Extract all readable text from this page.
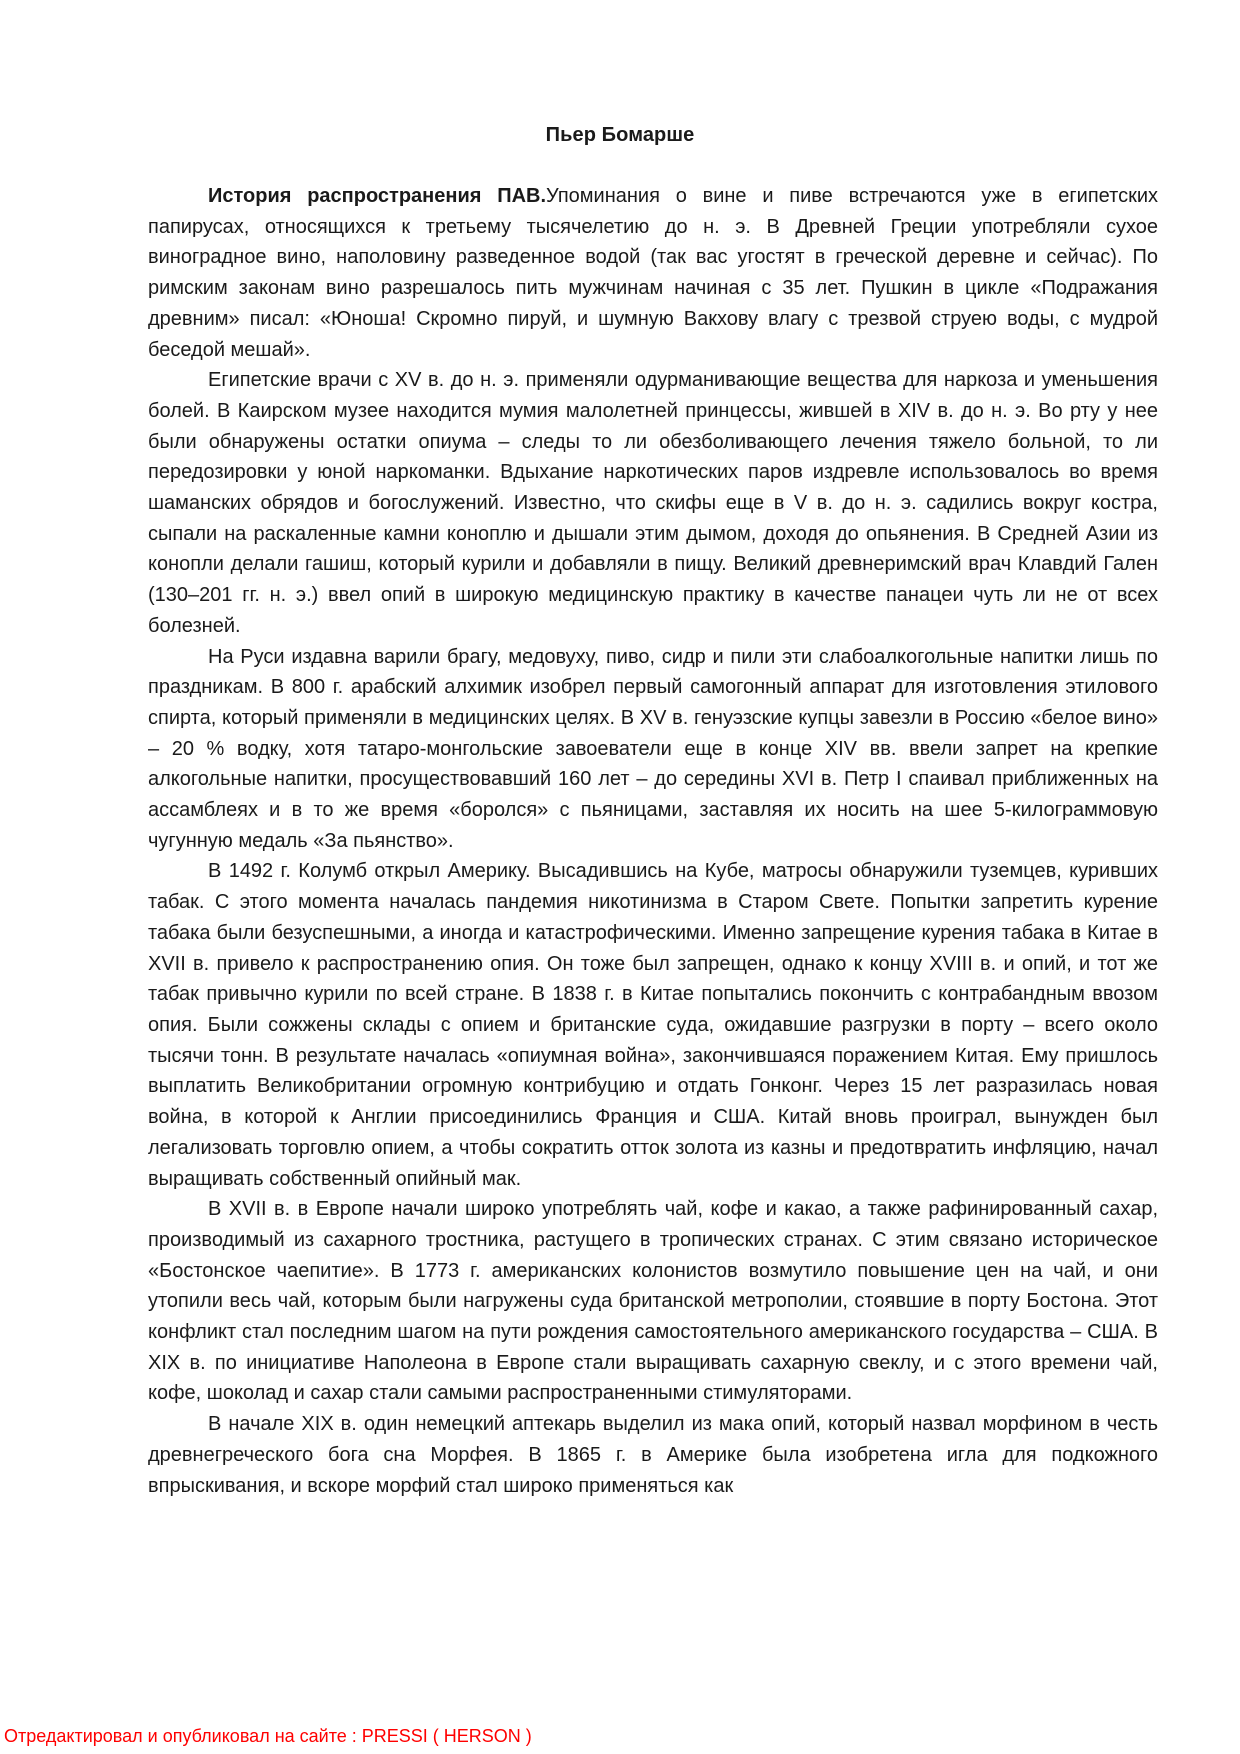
Пьер Бомарше

История распространения ПАВ.Упоминания о вине и пиве встречаются уже в египетских папирусах, относящихся к третьему тысячелетию до н. э. В Древней Греции употребляли сухое виноградное вино, наполовину разведенное водой (так вас угостят в греческой деревне и сейчас). По римским законам вино разрешалось пить мужчинам начиная с 35 лет. Пушкин в цикле «Подражания древним» писал: «Юноша! Скромно пируй, и шумную Вакхову влагу с трезвой струею воды, с мудрой беседой мешай».

Египетские врачи с XV в. до н. э. применяли одурманивающие вещества для наркоза и уменьшения болей. В Каирском музее находится мумия малолетней принцессы, жившей в XIV в. до н. э. Во рту у нее были обнаружены остатки опиума – следы то ли обезболивающего лечения тяжело больной, то ли передозировки у юной наркоманки. Вдыхание наркотических паров издревле использовалось во время шаманских обрядов и богослужений. Известно, что скифы еще в V в. до н. э. садились вокруг костра, сыпали на раскаленные камни коноплю и дышали этим дымом, доходя до опьянения. В Средней Азии из конопли делали гашиш, который курили и добавляли в пищу. Великий древнеримский врач Клавдий Гален (130–201 гг. н. э.) ввел опий в широкую медицинскую практику в качестве панацеи чуть ли не от всех болезней.

На Руси издавна варили брагу, медовуху, пиво, сидр и пили эти слабоалкогольные напитки лишь по праздникам. В 800 г. арабский алхимик изобрел первый самогонный аппарат для изготовления этилового спирта, который применяли в медицинских целях. В XV в. генуэзские купцы завезли в Россию «белое вино» – 20 % водку, хотя татаро-монгольские завоеватели еще в конце XIV вв. ввели запрет на крепкие алкогольные напитки, просуществовавший 160 лет – до середины XVI в. Петр I спаивал приближенных на ассамблеях и в то же время «боролся» с пьяницами, заставляя их носить на шее 5-килограммовую чугунную медаль «За пьянство».

В 1492 г. Колумб открыл Америку. Высадившись на Кубе, матросы обнаружили туземцев, куривших табак. С этого момента началась пандемия никотинизма в Старом Свете. Попытки запретить курение табака были безуспешными, а иногда и катастрофическими. Именно запрещение курения табака в Китае в XVII в. привело к распространению опия. Он тоже был запрещен, однако к концу XVIII в. и опий, и тот же табак привычно курили по всей стране. В 1838 г. в Китае попытались покончить с контрабандным ввозом опия. Были сожжены склады с опием и британские суда, ожидавшие разгрузки в порту – всего около тысячи тонн. В результате началась «опиумная война», закончившаяся поражением Китая. Ему пришлось выплатить Великобритании огромную контрибуцию и отдать Гонконг. Через 15 лет разразилась новая война, в которой к Англии присоединились Франция и США. Китай вновь проиграл, вынужден был легализовать торговлю опием, а чтобы сократить отток золота из казны и предотвратить инфляцию, начал выращивать собственный опийный мак.

В XVII в. в Европе начали широко употреблять чай, кофе и какао, а также рафинированный сахар, производимый из сахарного тростника, растущего в тропических странах. С этим связано историческое «Бостонское чаепитие». В 1773 г. американских колонистов возмутило повышение цен на чай, и они утопили весь чай, которым были нагружены суда британской метрополии, стоявшие в порту Бостона. Этот конфликт стал последним шагом на пути рождения самостоятельного американского государства – США. В XIX в. по инициативе Наполеона в Европе стали выращивать сахарную свеклу, и с этого времени чай, кофе, шоколад и сахар стали самыми распространенными стимуляторами.

В начале XIX в. один немецкий аптекарь выделил из мака опий, который назвал морфином в честь древнегреческого бога сна Морфея. В 1865 г. в Америке была изобретена игла для подкожного впрыскивания, и вскоре морфий стал широко применяться как

Отредактировал и опубликовал на сайте : PRESSI ( HERSON )
